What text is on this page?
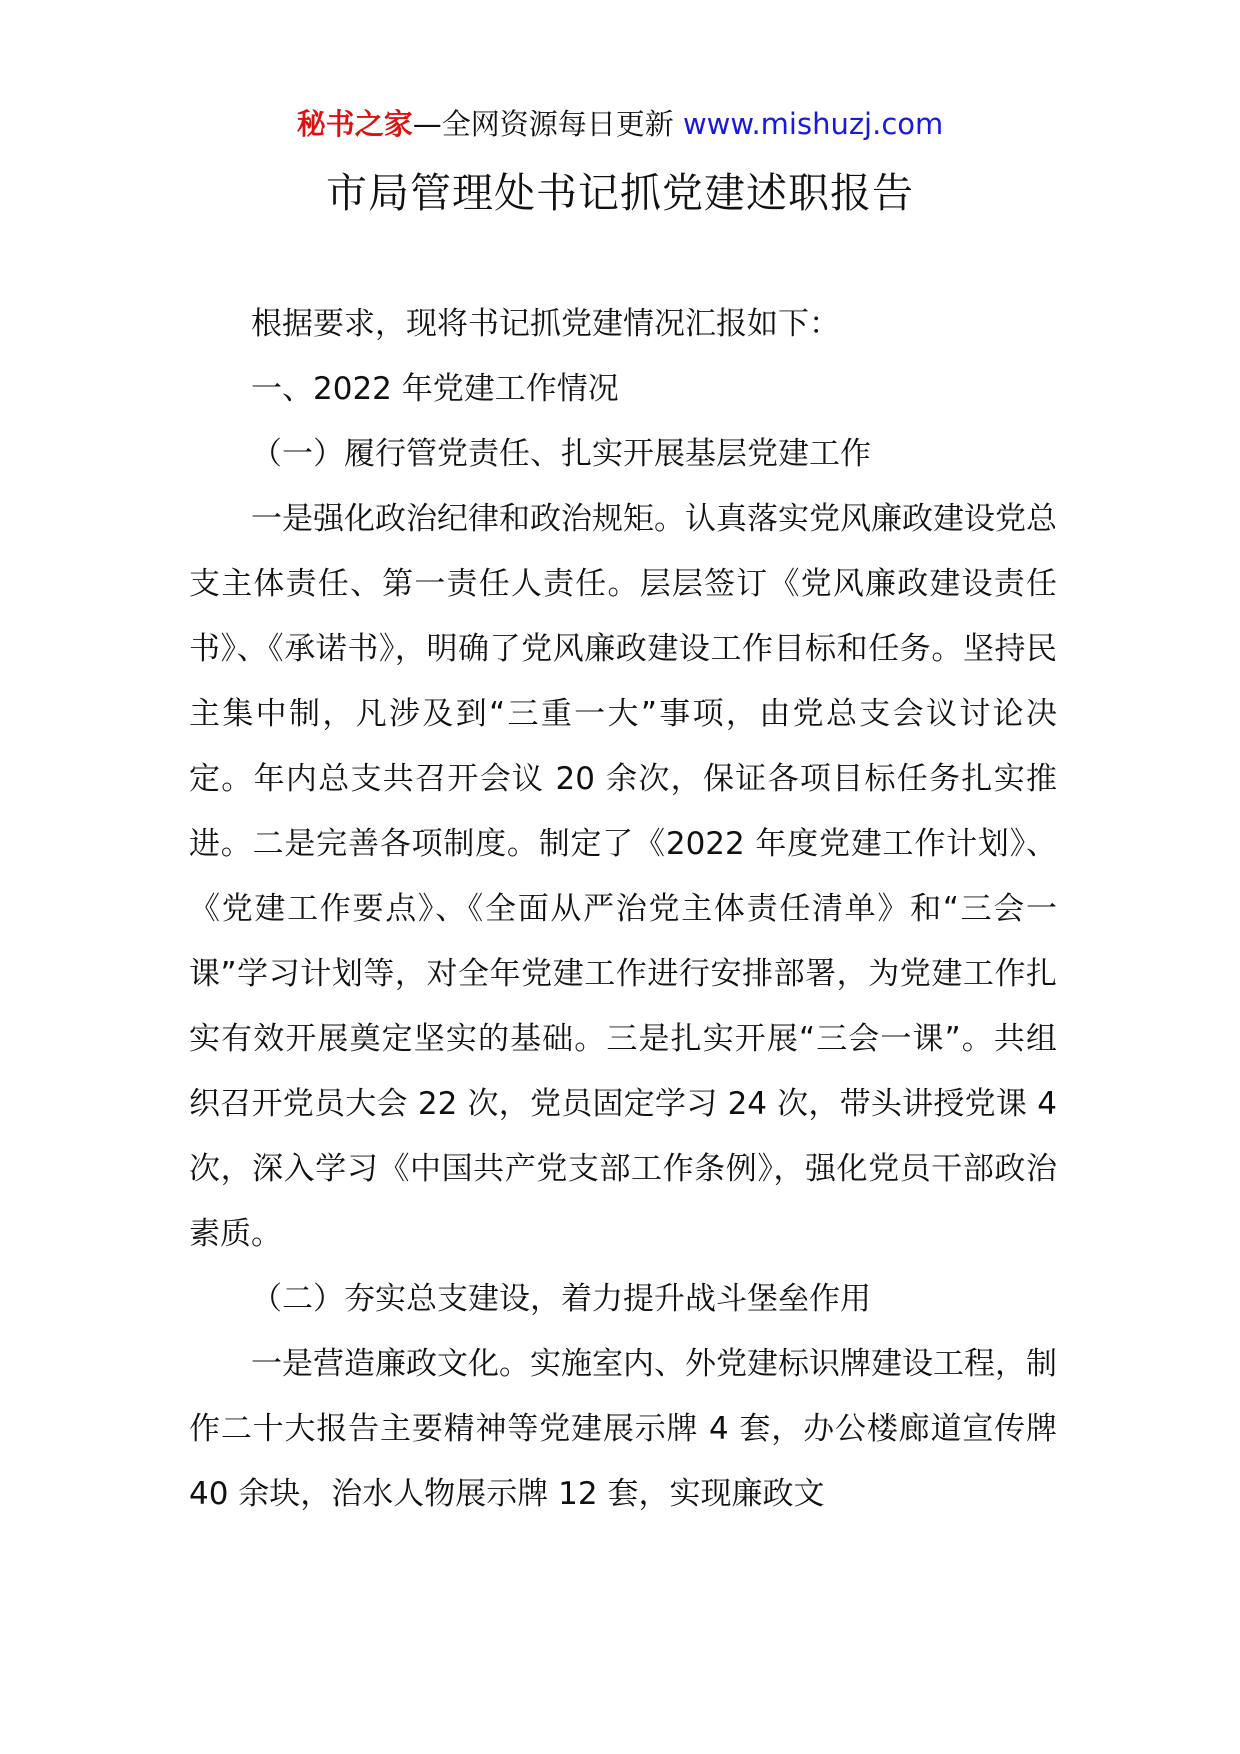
秘书之家—全网资源每日更新 www.mishuzj.com
市局管理处书记抓党建述职报告

根据要求，现将书记抓党建情况汇报如下：

一、2022 年党建工作情况

（一）履行管党责任、扎实开展基层党建工作

一是强化政治纪律和政治规矩。认真落实党风廉政建设党总支主体责任、第一责任人责任。层层签订《党风廉政建设责任书》、《承诺书》，明确了党风廉政建设工作目标和任务。坚持民主集中制，凡涉及到“三重一大”事项，由党总支会议讨论决定。年内总支共召开会议 20 余次，保证各项目标任务扎实推进。二是完善各项制度。制定了《2022 年度党建工作计划》、《党建工作要点》、《全面从严治党主体责任清单》和“三会一课”学习计划等，对全年党建工作进行安排部署，为党建工作扎实有效开展奠定坚实的基础。三是扎实开展“三会一课”。共组织召开党员大会 22 次，党员固定学习 24 次，带头讲授党课 4 次，深入学习《中国共产党支部工作条例》，强化党员干部政治素质。

（二）夯实总支建设，着力提升战斗堡垒作用

一是营造廉政文化。实施室内、外党建标识牌建设工程，制作二十大报告主要精神等党建展示牌 4 套，办公楼廊道宣传牌 40 余块，治水人物展示牌 12 套，实现廉政文
